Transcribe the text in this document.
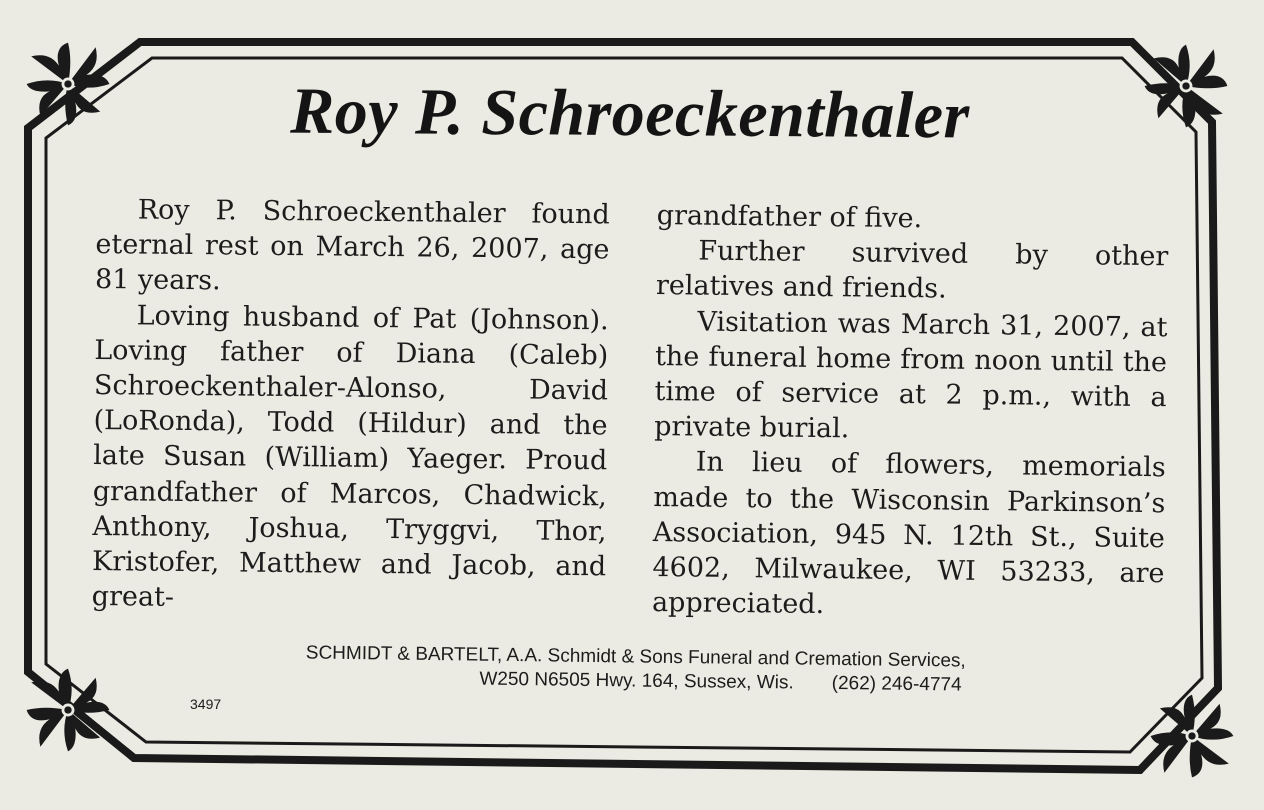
Roy P. Schroeckenthaler

Roy P. Schroeckenthaler found eternal rest on March 26, 2007, age 81 years.

Loving husband of Pat (Johnson). Loving father of Diana (Caleb) Schroeckenthaler-Alonso, David (LoRonda), Todd (Hildur) and the late Susan (William) Yaeger. Proud grandfather of Marcos, Chadwick, Anthony, Joshua, Tryggvi, Thor, Kristofer, Matthew and Jacob, and great-

grandfather of five.

Further survived by other relatives and friends.

Visitation was March 31, 2007, at the funeral home from noon until the time of service at 2 p.m., with a private burial.

In lieu of flowers, memorials made to the Wisconsin Parkinson’s Association, 945 N. 12th St., Suite 4602, Milwaukee, WI 53233, are appreciated.

SCHMIDT & BARTELT, A.A. Schmidt & Sons Funeral and Cremation Services,
W250 N6505 Hwy. 164, Sussex, Wis. (262) 246-4774
3497
